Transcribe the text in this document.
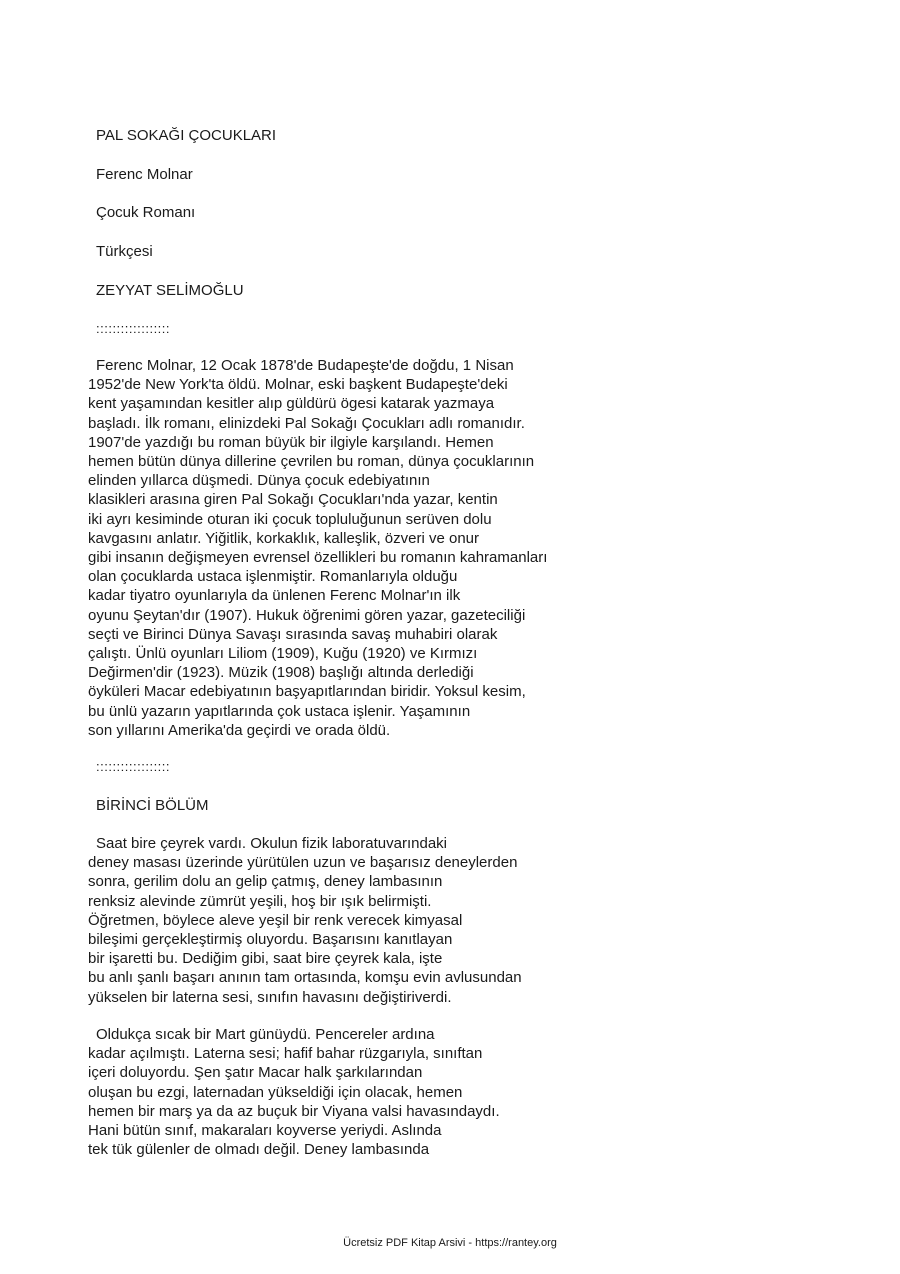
PAL SOKAĞI ÇOCUKLARI
Ferenc Molnar
Çocuk Romanı
Türkçesi
ZEYYAT SELİMOĞLU
::::::::::::::::::
Ferenc Molnar, 12 Ocak 1878'de Budapeşte'de doğdu, 1 Nisan
1952'de New York'ta öldü. Molnar, eski başkent Budapeşte'deki
kent yaşamından kesitler alıp güldürü ögesi katarak yazmaya
başladı. İlk romanı, elinizdeki Pal Sokağı Çocukları adlı romanıdır.
1907'de yazdığı bu roman büyük bir ilgiyle karşılandı. Hemen
hemen bütün dünya dillerine çevrilen bu roman, dünya çocuklarının
elinden yıllarca düşmedi. Dünya çocuk edebiyatının
klasikleri arasına giren Pal Sokağı Çocukları'nda yazar, kentin
iki ayrı kesiminde oturan iki çocuk topluluğunun serüven dolu
kavgasını anlatır. Yiğitlik, korkaklık, kalleşlik, özveri ve onur
gibi insanın değişmeyen evrensel özellikleri bu romanın kahramanları
olan çocuklarda ustaca işlenmiştir. Romanlarıyla olduğu
kadar tiyatro oyunlarıyla da ünlenen Ferenc Molnar'ın ilk
oyunu Şeytan'dır (1907). Hukuk öğrenimi gören yazar, gazeteciliği
seçti ve Birinci Dünya Savaşı sırasında savaş muhabiri olarak
çalıştı. Ünlü oyunları Liliom (1909), Kuğu (1920) ve Kırmızı
Değirmen'dir (1923). Müzik (1908) başlığı altında derlediği
öyküleri Macar edebiyatının başyapıtlarından biridir. Yoksul kesim,
bu ünlü yazarın yapıtlarında çok ustaca işlenir. Yaşamının
son yıllarını Amerika'da geçirdi ve orada öldü.
::::::::::::::::::
BİRİNCİ BÖLÜM
Saat bire çeyrek vardı. Okulun fizik laboratuvarındaki
deney masası üzerinde yürütülen uzun ve başarısız deneylerden
sonra, gerilim dolu an gelip çatmış, deney lambasının
renksiz alevinde zümrüt yeşili, hoş bir ışık belirmişti.
Öğretmen, böylece aleve yeşil bir renk verecek kimyasal
bileşimi gerçekleştirmiş oluyordu. Başarısını kanıtlayan
bir işaretti bu. Dediğim gibi, saat bire çeyrek kala, işte
bu anlı şanlı başarı anının tam ortasında, komşu evin avlusundan
yükselen bir laterna sesi, sınıfın havasını değiştiriverdi.
Oldukça sıcak bir Mart günüydü. Pencereler ardına
kadar açılmıştı. Laterna sesi; hafif bahar rüzgarıyla, sınıftan
içeri doluyordu. Şen şatır Macar halk şarkılarından
oluşan bu ezgi, laternadan yükseldiği için olacak, hemen
hemen bir marş ya da az buçuk bir Viyana valsi havasındaydı.
Hani bütün sınıf, makaraları koyverse yeriydi. Aslında
tek tük gülenler de olmadı değil. Deney lambasında
Ücretsiz PDF Kitap Arsivi - https://rantey.org
